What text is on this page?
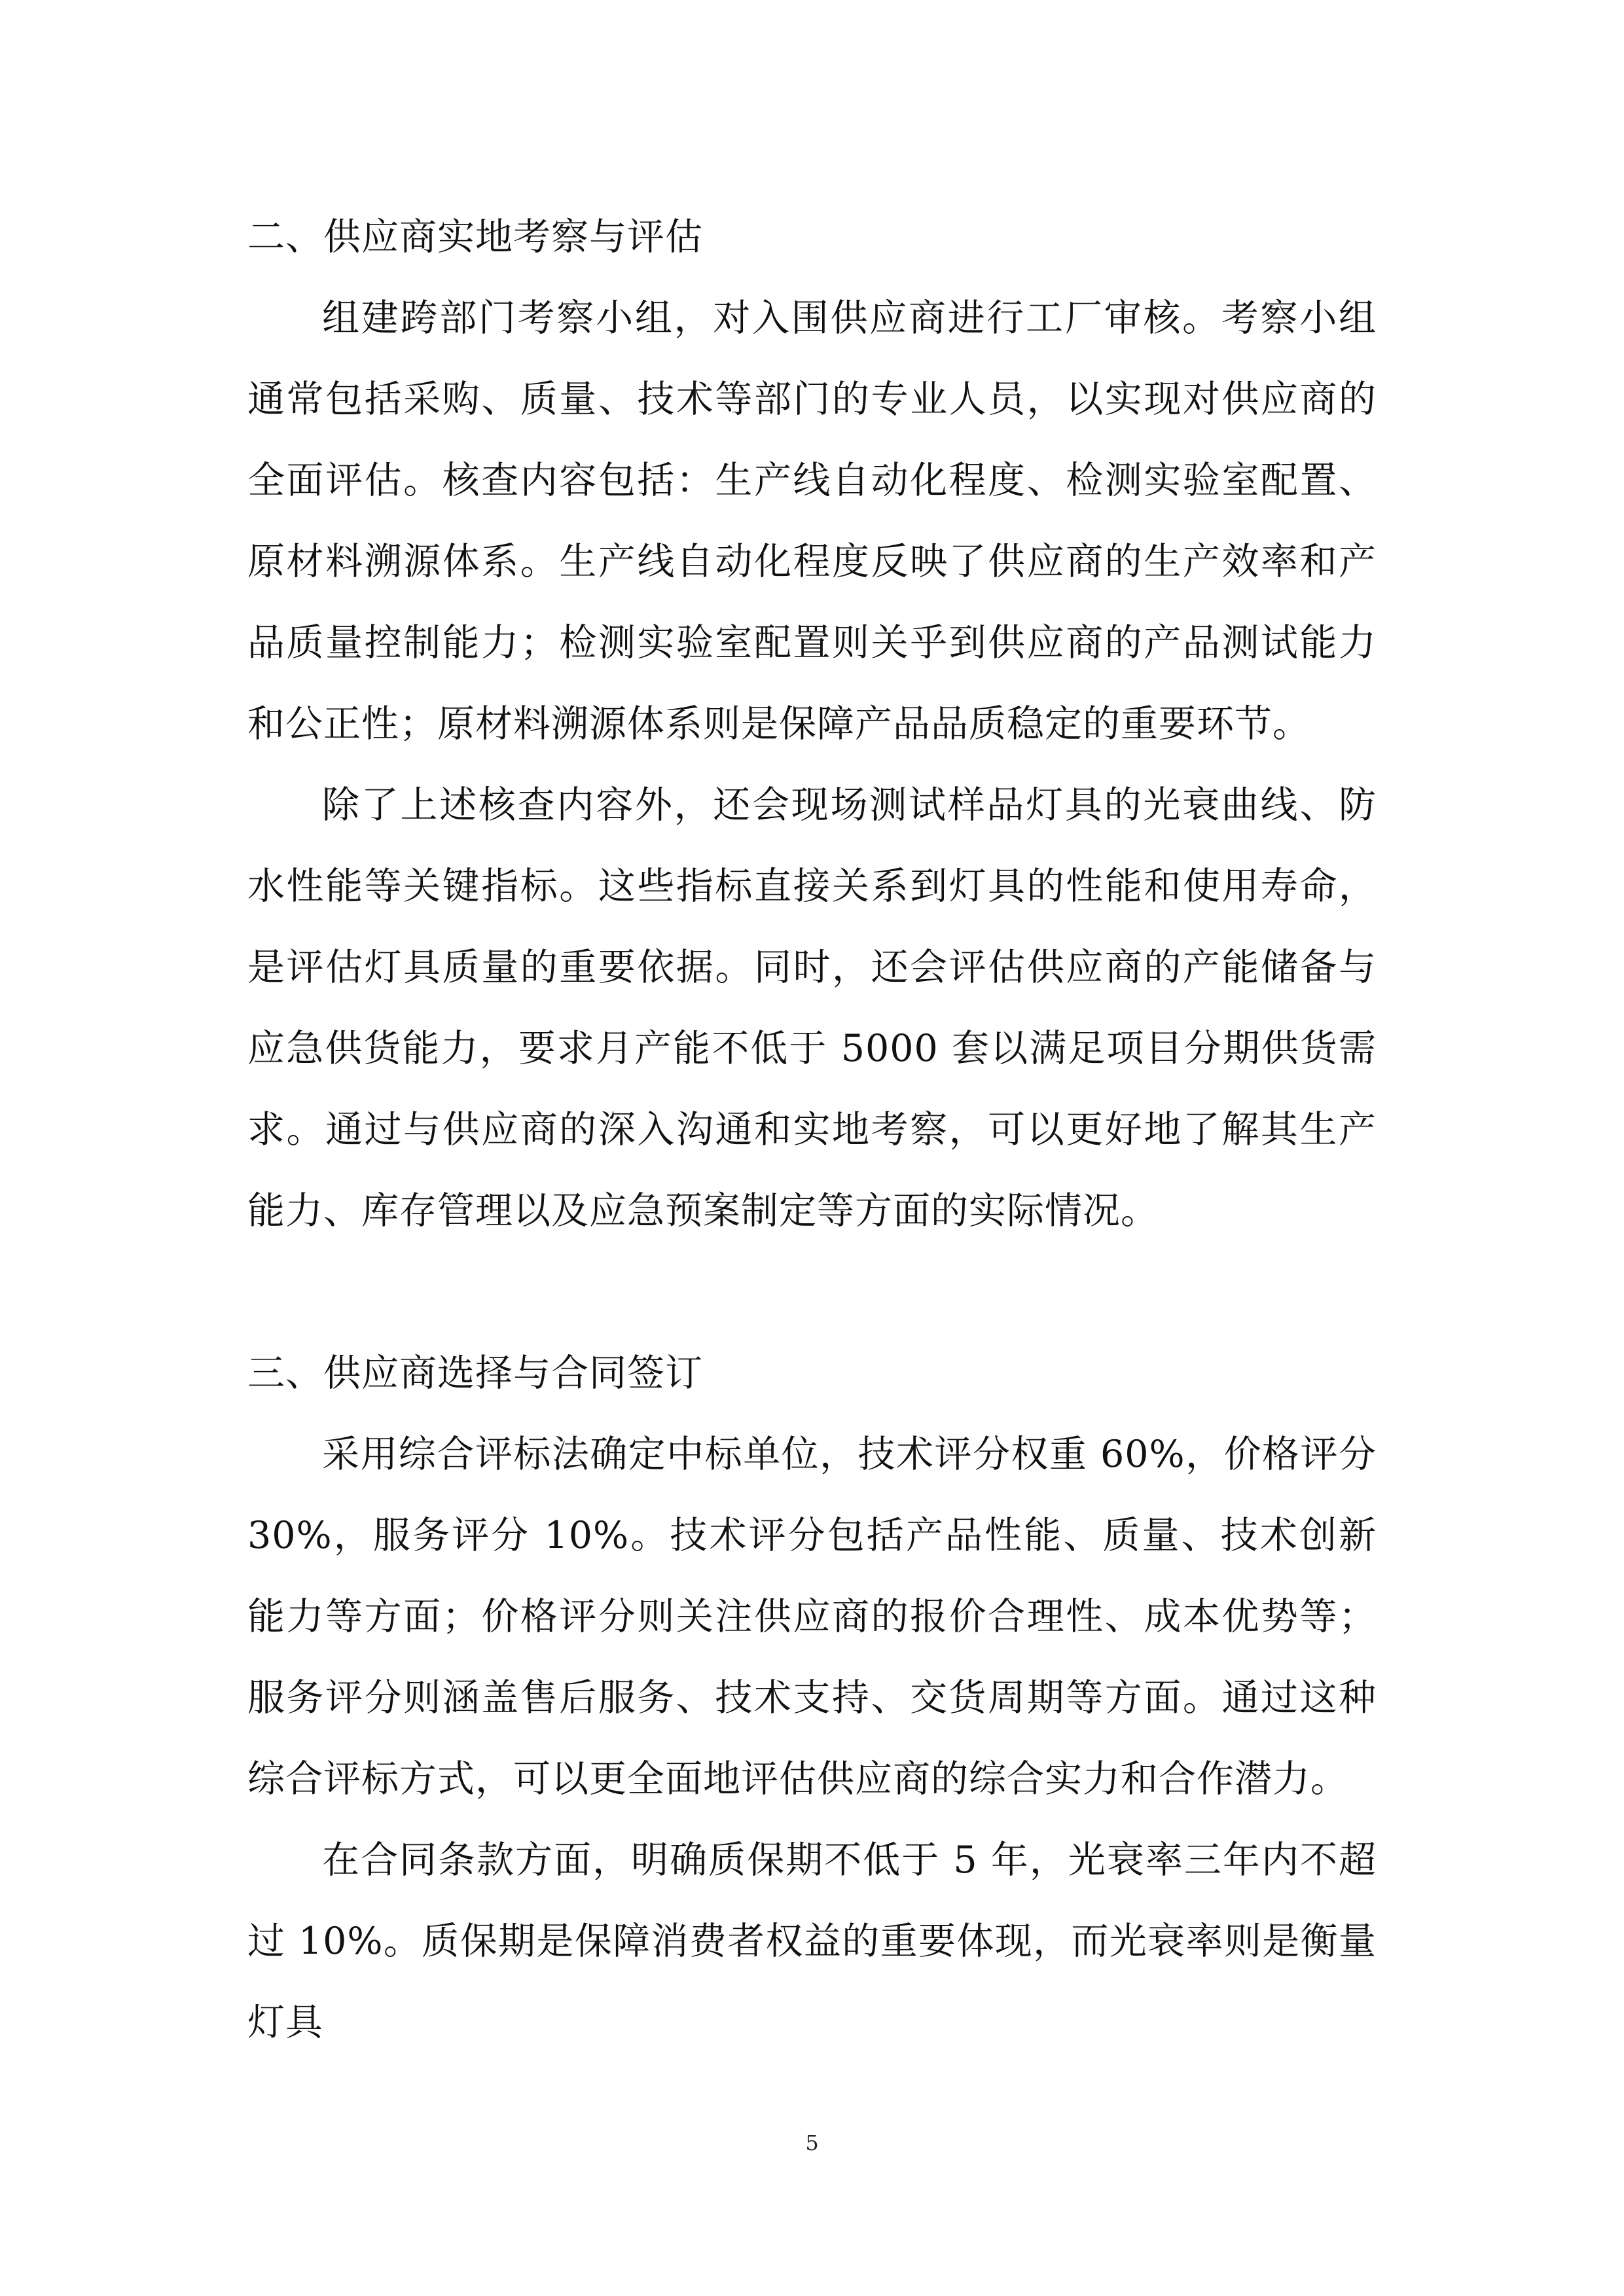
二、供应商实地考察与评估

组建跨部门考察小组，对入围供应商进行工厂审核。考察小组通常包括采购、质量、技术等部门的专业人员，以实现对供应商的全面评估。核查内容包括：生产线自动化程度、检测实验室配置、原材料溯源体系。生产线自动化程度反映了供应商的生产效率和产品质量控制能力；检测实验室配置则关乎到供应商的产品测试能力和公正性；原材料溯源体系则是保障产品品质稳定的重要环节。

除了上述核查内容外，还会现场测试样品灯具的光衰曲线、防水性能等关键指标。这些指标直接关系到灯具的性能和使用寿命，是评估灯具质量的重要依据。同时，还会评估供应商的产能储备与应急供货能力，要求月产能不低于 5000 套以满足项目分期供货需求。通过与供应商的深入沟通和实地考察，可以更好地了解其生产能力、库存管理以及应急预案制定等方面的实际情况。

三、供应商选择与合同签订

采用综合评标法确定中标单位，技术评分权重 60%，价格评分 30%，服务评分 10%。技术评分包括产品性能、质量、技术创新能力等方面；价格评分则关注供应商的报价合理性、成本优势等；服务评分则涵盖售后服务、技术支持、交货周期等方面。通过这种综合评标方式，可以更全面地评估供应商的综合实力和合作潜力。

在合同条款方面，明确质保期不低于 5 年，光衰率三年内不超过 10%。质保期是保障消费者权益的重要体现，而光衰率则是衡量灯具

5
